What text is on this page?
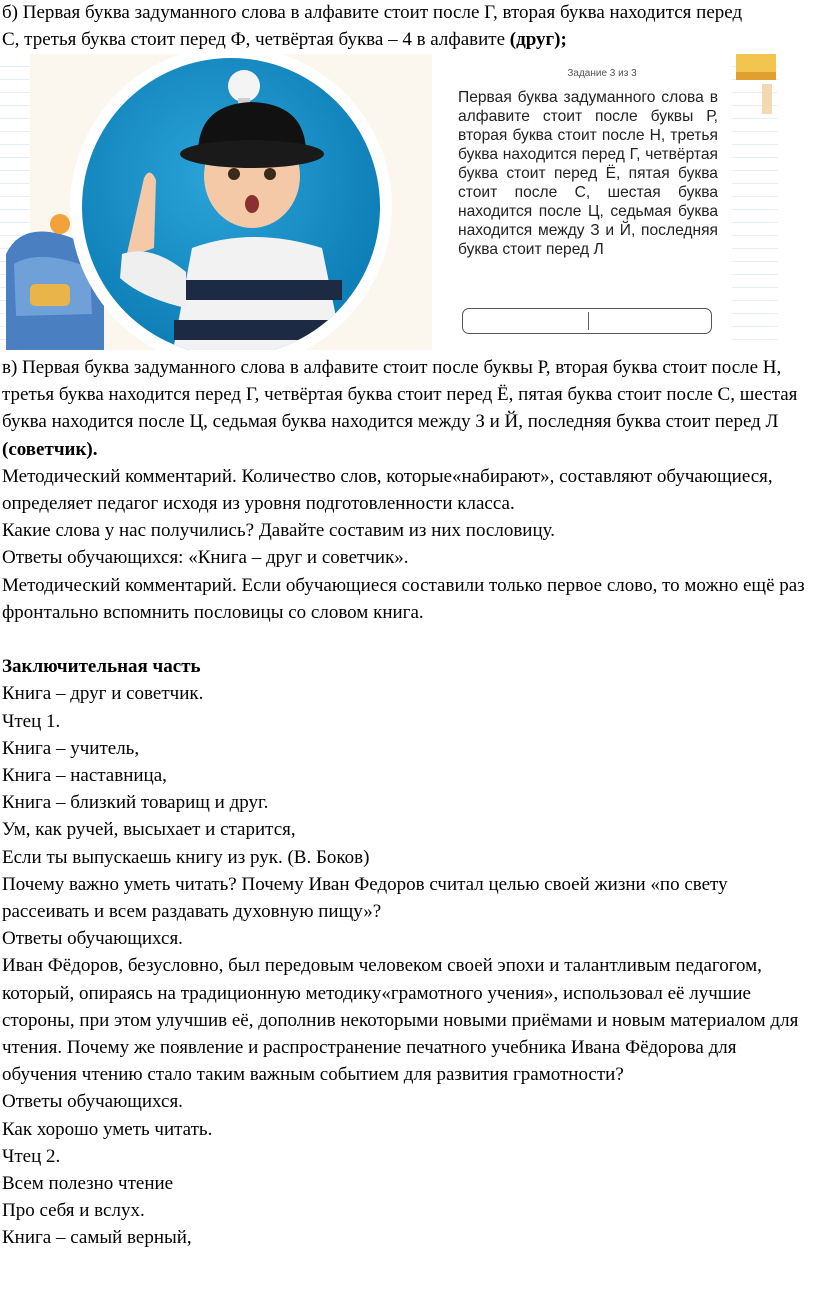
б) Первая буква задуманного слова в алфавите стоит после Г, вторая буква находится перед

С, третья буква стоит перед Ф, четвёртая буква – 4 в алфавите (друг);

Задание 3 из 3
Первая буква задуманного слова в алфавите стоит после буквы Р, вторая буква стоит после Н, третья буква находится перед Г, четвёртая буква стоит перед Ё, пятая буква стоит после С, шестая буква находится после Ц, седьмая буква находится между З и Й, последняя буква стоит перед Л

в) Первая буква задуманного слова в алфавите стоит после буквы Р, вторая буква стоит после Н, третья буква находится перед Г, четвёртая буква стоит перед Ё, пятая буква стоит после С, шестая буква находится после Ц, седьмая буква находится между З и Й, последняя буква стоит перед Л (советчик).

Методический комментарий. Количество слов, которые«набирают», составляют обучающиеся, определяет педагог исходя из уровня подготовленности класса.

Какие слова у нас получились? Давайте составим из них пословицу.

Ответы обучающихся: «Книга – друг и советчик».

Методический комментарий. Если обучающиеся составили только первое слово, то можно ещё раз фронтально вспомнить пословицы со словом книга.

Заключительная часть

Книга – друг и советчик.

Чтец 1.

Книга – учитель,

Книга – наставница,

Книга – близкий товарищ и друг.

Ум, как ручей, высыхает и старится,

Если ты выпускаешь книгу из рук. (В. Боков)

Почему важно уметь читать? Почему Иван Федоров считал целью своей жизни «по свету рассеивать и всем раздавать духовную пищу»?

Ответы обучающихся.

Иван Фёдоров, безусловно, был передовым человеком своей эпохи и талантливым педагогом, который, опираясь на традиционную методику«грамотного учения», использовал её лучшие стороны, при этом улучшив её, дополнив некоторыми новыми приёмами и новым материалом для чтения. Почему же появление и распространение печатного учебника Ивана Фёдорова для обучения чтению стало таким важным событием для развития грамотности?

Ответы обучающихся.

Как хорошо уметь читать.

Чтец 2.

Всем полезно чтение

Про себя и вслух.

Книга – самый верный,
